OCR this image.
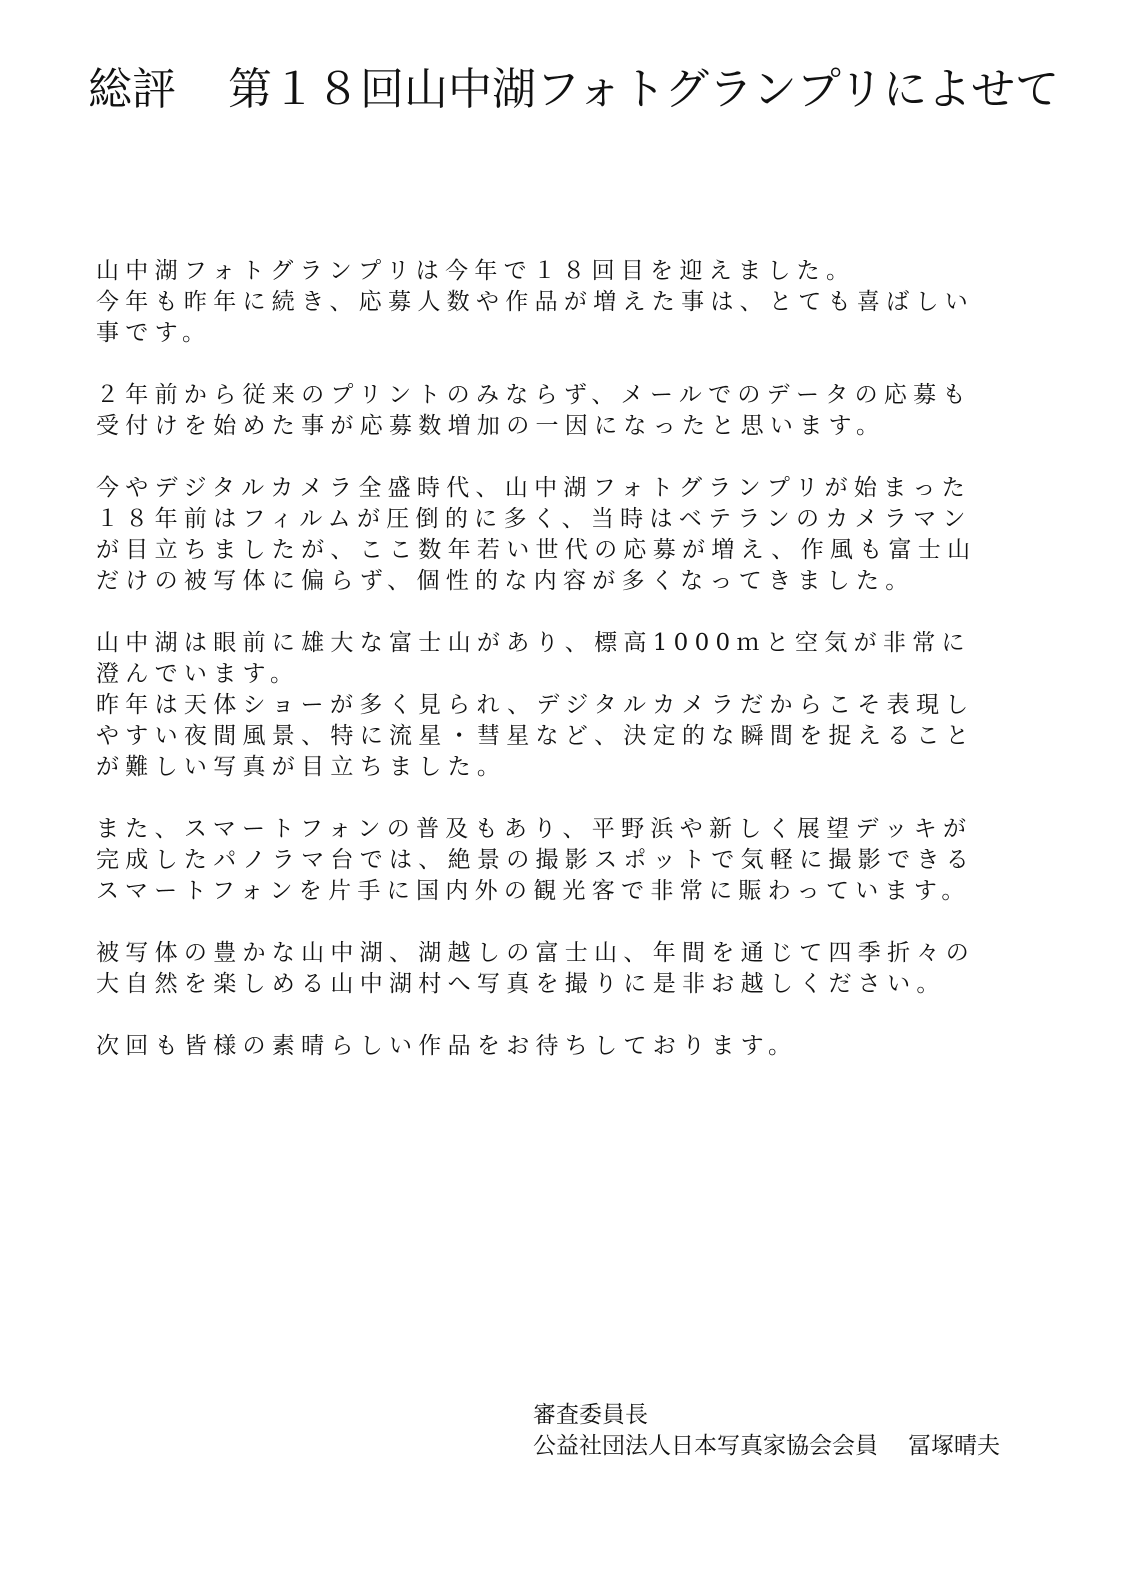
総評 第１８回山中湖フォトグランプリによせて
山中湖フォトグランプリは今年で１８回目を迎えました。
今年も昨年に続き、応募人数や作品が増えた事は、とても喜ばしい
事です。
２年前から従来のプリントのみならず、メールでのデータの応募も
受付けを始めた事が応募数増加の一因になったと思います。
今やデジタルカメラ全盛時代、山中湖フォトグランプリが始まった
１８年前はフィルムが圧倒的に多く、当時はベテランのカメラマン
が目立ちましたが、ここ数年若い世代の応募が増え、作風も富士山
だけの被写体に偏らず、個性的な内容が多くなってきました。
山中湖は眼前に雄大な富士山があり、標高1000ｍと空気が非常に
澄んでいます。
昨年は天体ショーが多く見られ、デジタルカメラだからこそ表現し
やすい夜間風景、特に流星・彗星など、決定的な瞬間を捉えること
が難しい写真が目立ちました。
また、スマートフォンの普及もあり、平野浜や新しく展望デッキが
完成したパノラマ台では、絶景の撮影スポットで気軽に撮影できる
スマートフォンを片手に国内外の観光客で非常に賑わっています。
被写体の豊かな山中湖、湖越しの富士山、年間を通じて四季折々の
大自然を楽しめる山中湖村へ写真を撮りに是非お越しください。
次回も皆様の素晴らしい作品をお待ちしております。
審査委員長
公益社団法人日本写真家協会会員 冨塚晴夫
